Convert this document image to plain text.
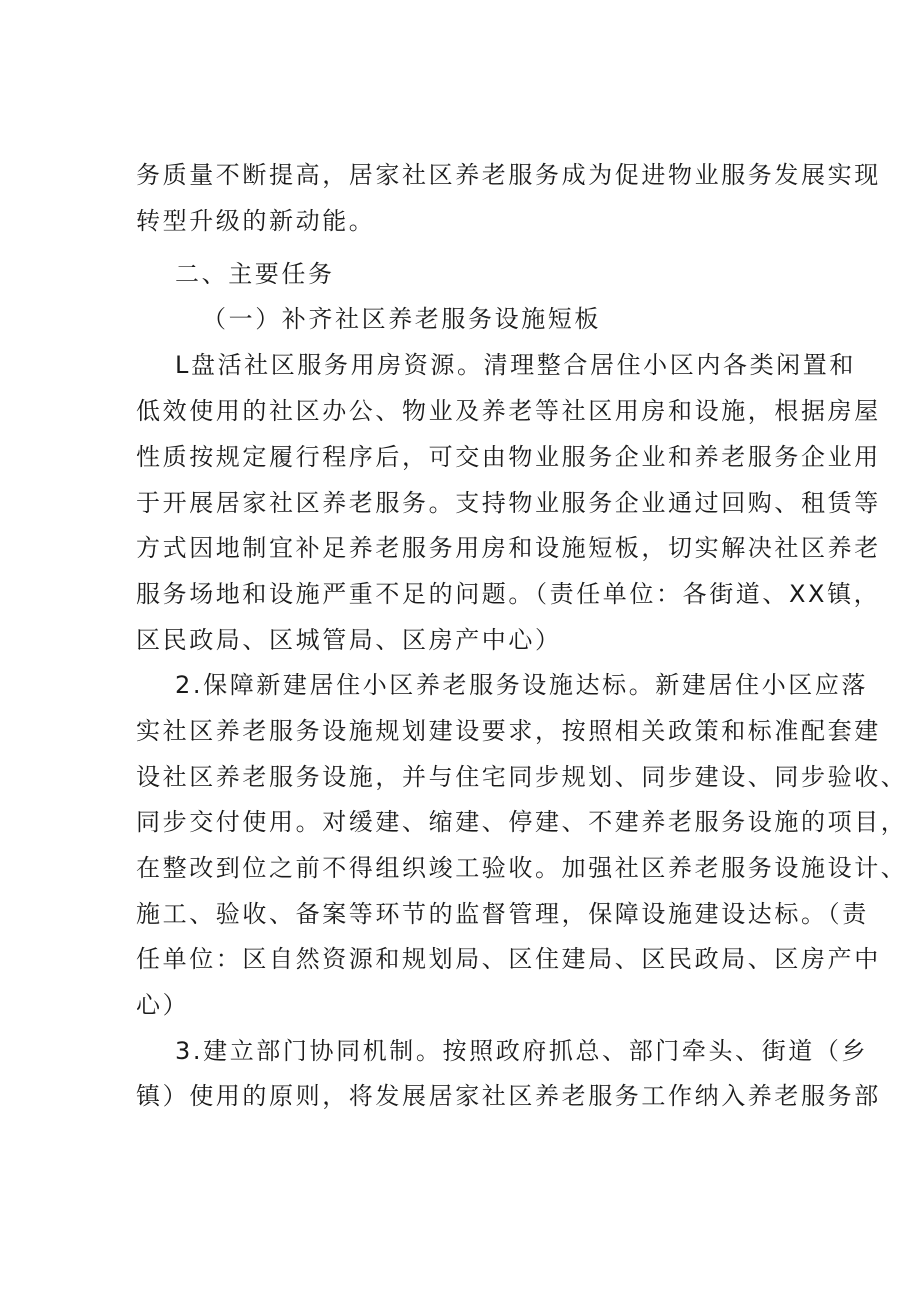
务质量不断提高，居家社区养老服务成为促进物业服务发展实现
转型升级的新动能。
二、主要任务
（一）补齐社区养老服务设施短板
L盘活社区服务用房资源。清理整合居住小区内各类闲置和
低效使用的社区办公、物业及养老等社区用房和设施，根据房屋
性质按规定履行程序后，可交由物业服务企业和养老服务企业用
于开展居家社区养老服务。支持物业服务企业通过回购、租赁等
方式因地制宜补足养老服务用房和设施短板，切实解决社区养老
服务场地和设施严重不足的问题。（责任单位：各街道、XX镇，
区民政局、区城管局、区房产中心）
2.保障新建居住小区养老服务设施达标。新建居住小区应落
实社区养老服务设施规划建设要求，按照相关政策和标准配套建
设社区养老服务设施，并与住宅同步规划、同步建设、同步验收、
同步交付使用。对缓建、缩建、停建、不建养老服务设施的项目，
在整改到位之前不得组织竣工验收。加强社区养老服务设施设计、
施工、验收、备案等环节的监督管理，保障设施建设达标。（责
任单位：区自然资源和规划局、区住建局、区民政局、区房产中
心）
3.建立部门协同机制。按照政府抓总、部门牵头、街道（乡
镇）使用的原则，将发展居家社区养老服务工作纳入养老服务部
